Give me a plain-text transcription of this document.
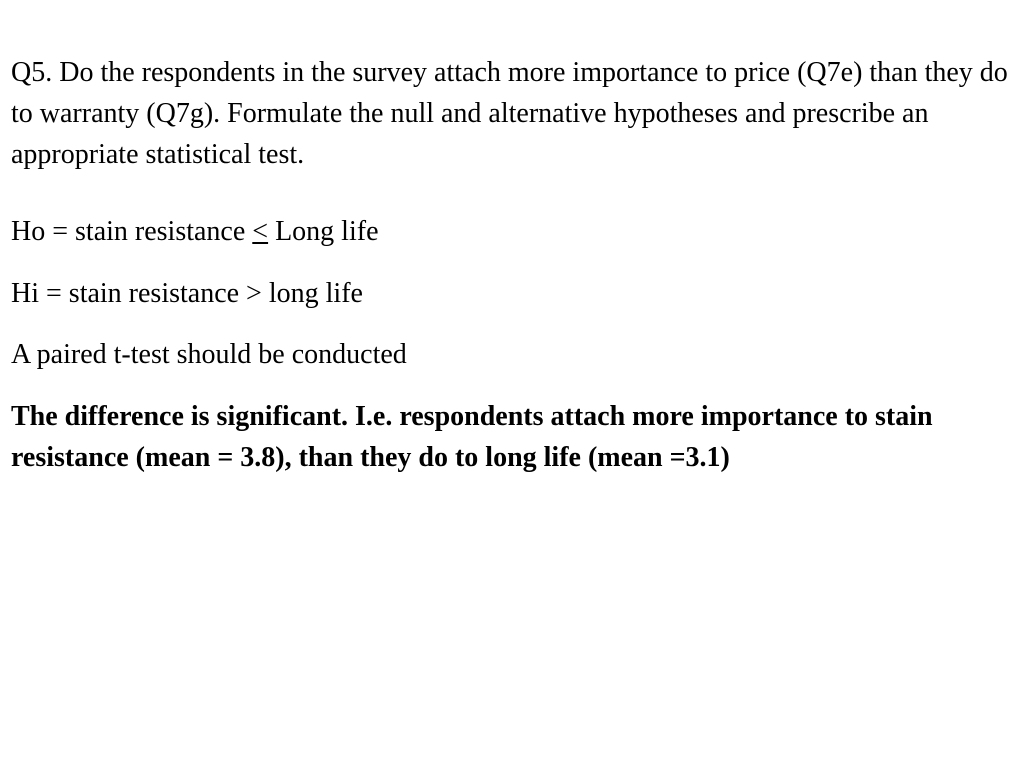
Q5. Do the respondents in the survey attach more importance to price (Q7e) than they do to warranty (Q7g). Formulate the null and alternative hypotheses and prescribe an appropriate statistical test.

Ho = stain resistance < Long life

Hi = stain resistance > long life

A paired t-test should be conducted

The difference is significant. I.e. respondents attach more importance to stain resistance (mean = 3.8), than they do to long life (mean =3.1)
